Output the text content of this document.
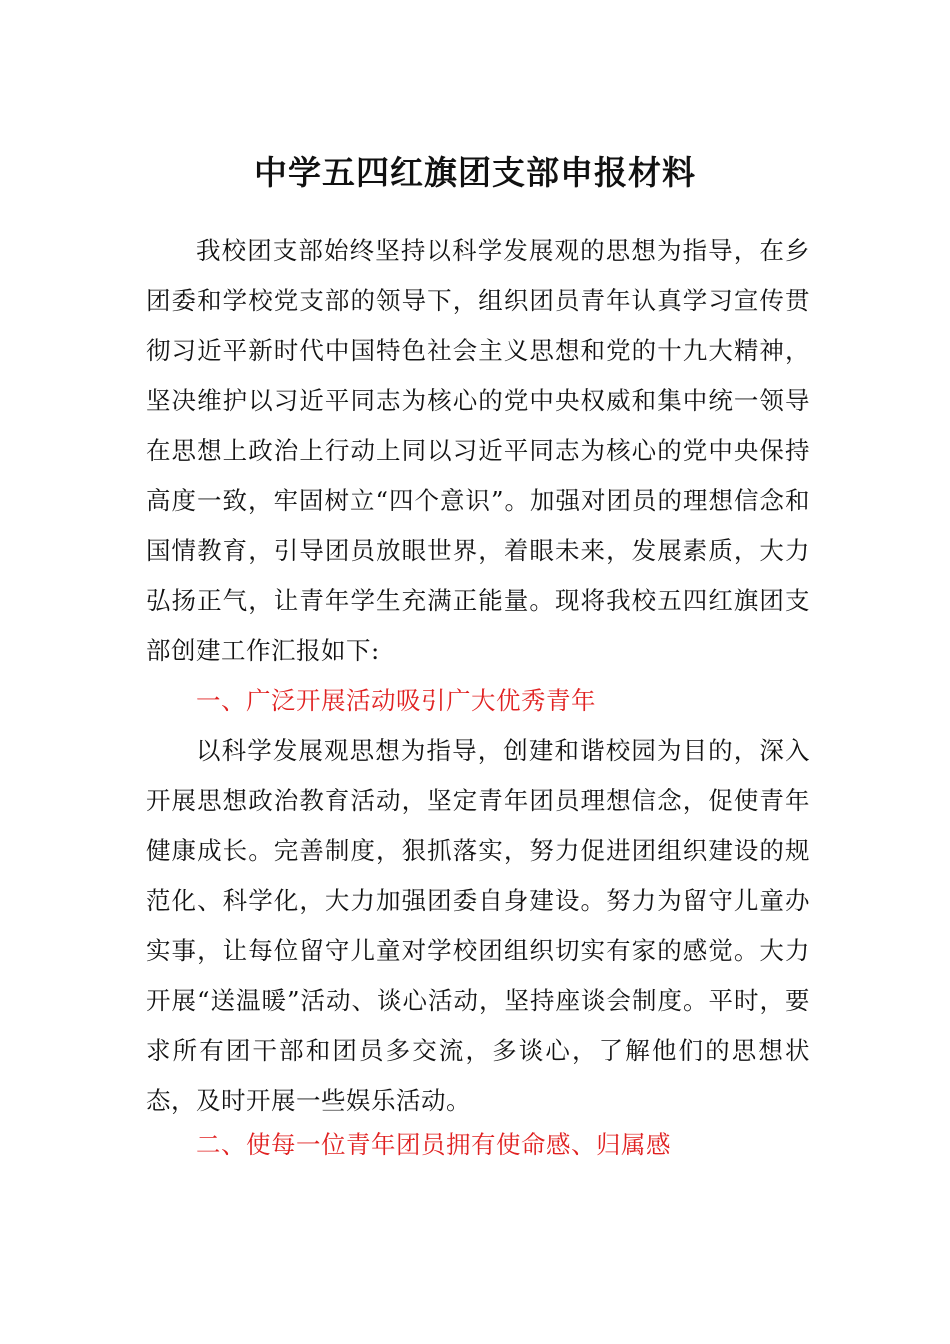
中学五四红旗团支部申报材料

我校团支部始终坚持以科学发展观的思想为指导，在乡团委和学校党支部的领导下，组织团员青年认真学习宣传贯彻习近平新时代中国特色社会主义思想和党的十九大精神，坚决维护以习近平同志为核心的党中央权威和集中统一领导在思想上政治上行动上同以习近平同志为核心的党中央保持高度一致，牢固树立“四个意识”。加强对团员的理想信念和国情教育，引导团员放眼世界，着眼未来，发展素质，大力弘扬正气，让青年学生充满正能量。现将我校五四红旗团支部创建工作汇报如下:

一、广泛开展活动吸引广大优秀青年

以科学发展观思想为指导，创建和谐校园为目的，深入开展思想政治教育活动，坚定青年团员理想信念，促使青年健康成长。完善制度，狠抓落实，努力促进团组织建设的规范化、科学化，大力加强团委自身建设。努力为留守儿童办实事，让每位留守儿童对学校团组织切实有家的感觉。大力开展“送温暖”活动、谈心活动，坚持座谈会制度。平时，要求所有团干部和团员多交流，多谈心，了解他们的思想状态，及时开展一些娱乐活动。

二、使每一位青年团员拥有使命感、归属感
